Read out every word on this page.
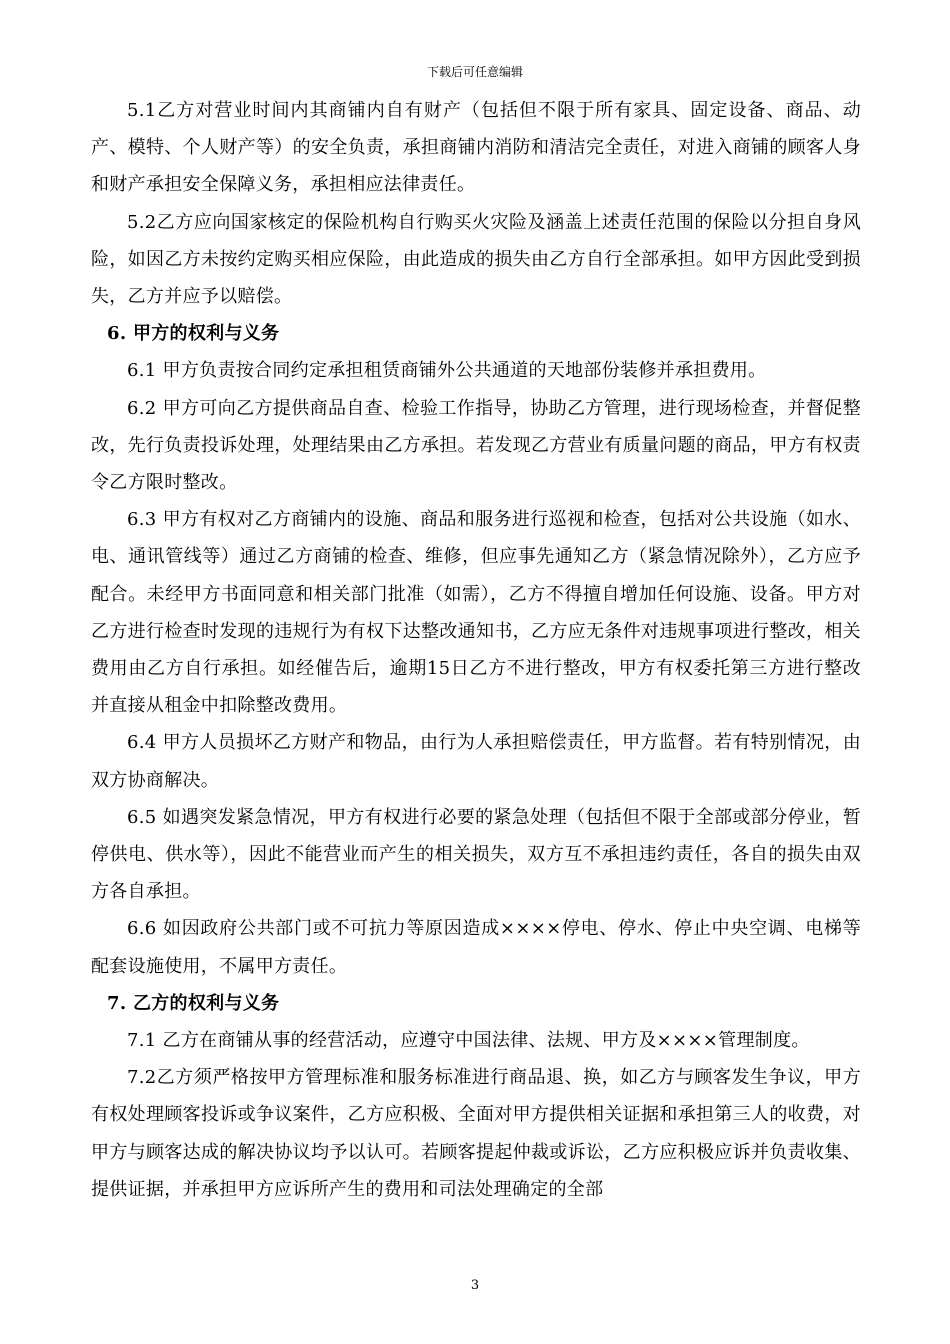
下载后可任意编辑

5.1乙方对营业时间内其商铺内自有财产（包括但不限于所有家具、固定设备、商品、动产、模特、个人财产等）的安全负责，承担商铺内消防和清洁完全责任，对进入商铺的顾客人身和财产承担安全保障义务，承担相应法律责任。

5.2乙方应向国家核定的保险机构自行购买火灾险及涵盖上述责任范围的保险以分担自身风险，如因乙方未按约定购买相应保险，由此造成的损失由乙方自行全部承担。如甲方因此受到损失，乙方并应予以赔偿。

6. 甲方的权利与义务

6.1 甲方负责按合同约定承担租赁商铺外公共通道的天地部份装修并承担费用。

6.2 甲方可向乙方提供商品自查、检验工作指导，协助乙方管理，进行现场检查，并督促整改，先行负责投诉处理，处理结果由乙方承担。若发现乙方营业有质量问题的商品，甲方有权责令乙方限时整改。

6.3 甲方有权对乙方商铺内的设施、商品和服务进行巡视和检查，包括对公共设施（如水、电、通讯管线等）通过乙方商铺的检查、维修，但应事先通知乙方（紧急情况除外），乙方应予配合。未经甲方书面同意和相关部门批准（如需），乙方不得擅自增加任何设施、设备。甲方对乙方进行检查时发现的违规行为有权下达整改通知书，乙方应无条件对违规事项进行整改，相关费用由乙方自行承担。如经催告后，逾期15日乙方不进行整改，甲方有权委托第三方进行整改并直接从租金中扣除整改费用。

6.4 甲方人员损坏乙方财产和物品，由行为人承担赔偿责任，甲方监督。若有特别情况，由双方协商解决。

6.5 如遇突发紧急情况，甲方有权进行必要的紧急处理（包括但不限于全部或部分停业，暂停供电、供水等），因此不能营业而产生的相关损失，双方互不承担违约责任，各自的损失由双方各自承担。

6.6 如因政府公共部门或不可抗力等原因造成××××停电、停水、停止中央空调、电梯等配套设施使用，不属甲方责任。

7. 乙方的权利与义务

7.1 乙方在商铺从事的经营活动，应遵守中国法律、法规、甲方及××××管理制度。

7.2乙方须严格按甲方管理标准和服务标准进行商品退、换，如乙方与顾客发生争议，甲方有权处理顾客投诉或争议案件，乙方应积极、全面对甲方提供相关证据和承担第三人的收费，对甲方与顾客达成的解决协议均予以认可。若顾客提起仲裁或诉讼，乙方应积极应诉并负责收集、提供证据，并承担甲方应诉所产生的费用和司法处理确定的全部

3
